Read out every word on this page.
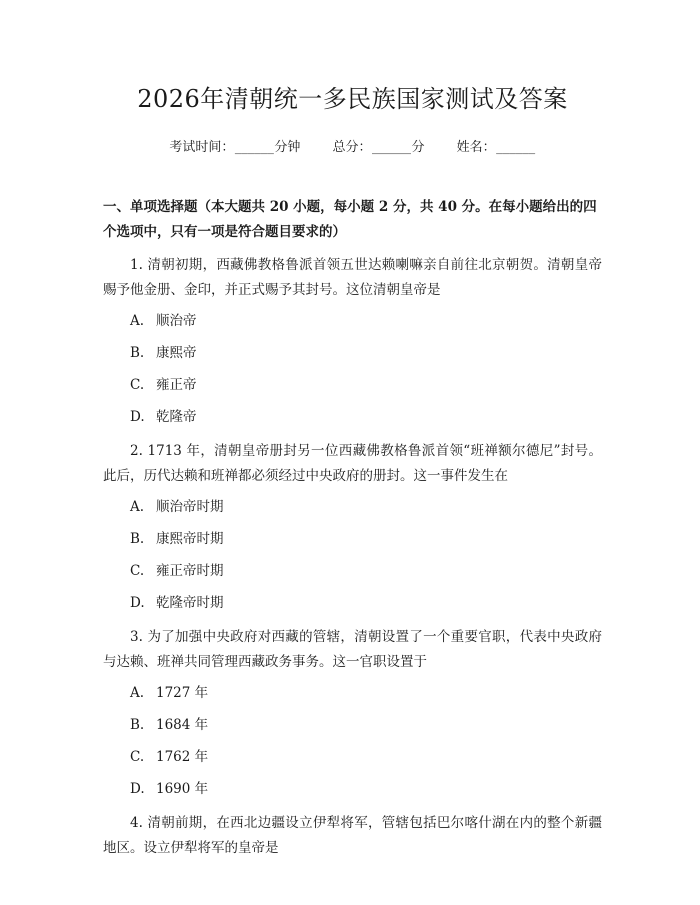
2026年清朝统一多民族国家测试及答案
考试时间：______分钟 总分：______分 姓名：______
一、单项选择题（本大题共 20 小题，每小题 2 分，共 40 分。在每小题给出的四个选项中，只有一项是符合题目要求的）

1. 清朝初期，西藏佛教格鲁派首领五世达赖喇嘛亲自前往北京朝贺。清朝皇帝赐予他金册、金印，并正式赐予其封号。这位清朝皇帝是

A. 顺治帝
B. 康熙帝
C. 雍正帝
D. 乾隆帝

2. 1713 年，清朝皇帝册封另一位西藏佛教格鲁派首领“班禅额尔德尼”封号。此后，历代达赖和班禅都必须经过中央政府的册封。这一事件发生在

A. 顺治帝时期
B. 康熙帝时期
C. 雍正帝时期
D. 乾隆帝时期

3. 为了加强中央政府对西藏的管辖，清朝设置了一个重要官职，代表中央政府与达赖、班禅共同管理西藏政务事务。这一官职设置于

A. 1727 年
B. 1684 年
C. 1762 年
D. 1690 年

4. 清朝前期，在西北边疆设立伊犁将军，管辖包括巴尔喀什湖在内的整个新疆地区。设立伊犁将军的皇帝是
